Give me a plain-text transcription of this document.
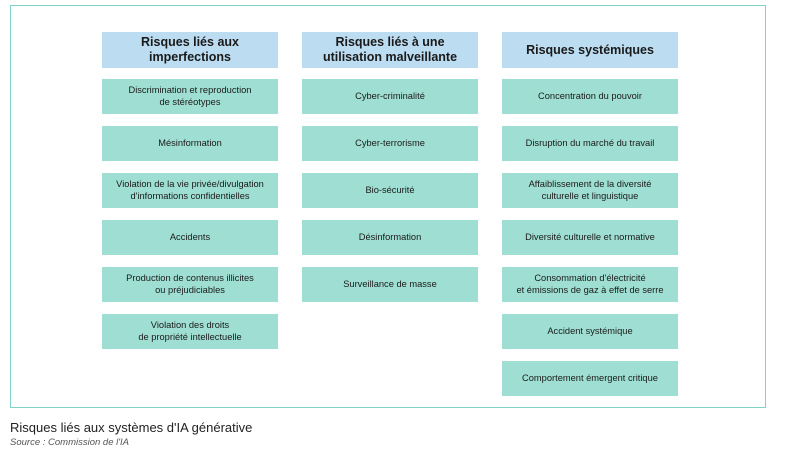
Risques liés aux
imperfections
Discrimination et reproduction
de stéréotypes
Mésinformation
Violation de la vie privée/divulgation
d'informations confidentielles
Accidents
Production de contenus illicites
ou préjudiciables
Violation des droits
de propriété intellectuelle
Risques liés à une
utilisation malveillante
Cyber-criminalité
Cyber-terrorisme
Bio-sécurité
Désinformation
Surveillance de masse
Risques systémiques
Concentration du pouvoir
Disruption du marché du travail
Affaiblissement de la diversité
culturelle et linguistique
Diversité culturelle et normative
Consommation d'électricité
et émissions de gaz à effet de serre
Accident systémique
Comportement émergent critique
Risques liés aux systèmes d'IA générative
Source : Commission de l'IA
